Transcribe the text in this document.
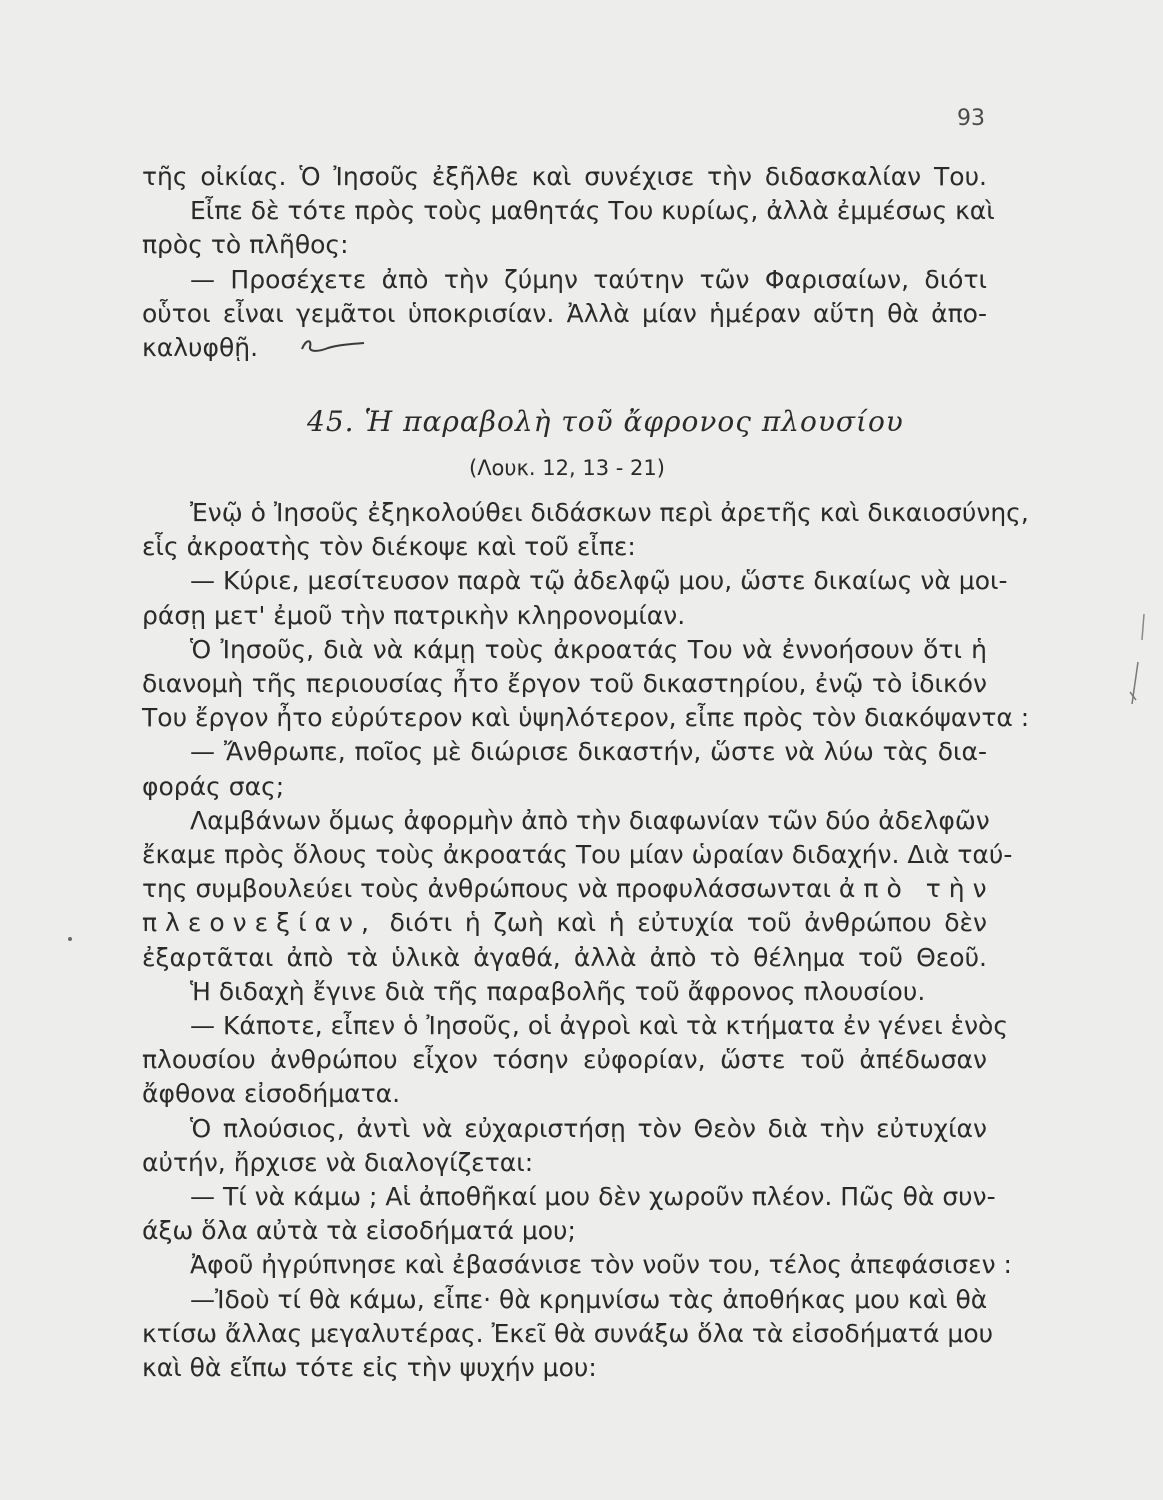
93
τῆς οἰκίας. Ὁ Ἰησοῦς ἐξῆλθε καὶ συνέχισε τὴν διδασκαλίαν Του.
Εἶπε δὲ τότε πρὸς τοὺς μαθητάς Του κυρίως, ἀλλὰ ἐμμέσως καὶ
πρὸς τὸ πλῆθος:
— Προσέχετε ἀπὸ τὴν ζύμην ταύτην τῶν Φαρισαίων, διότι
οὗτοι εἶναι γεμᾶτοι ὑποκρισίαν. Ἀλλὰ μίαν ἡμέραν αὕτη θὰ ἀπο-
καλυφθῇ.
45. Ἡ παραβολὴ τοῦ ἄφρονος πλουσίου
(Λουκ. 12, 13 - 21)
Ἐνῷ ὁ Ἰησοῦς ἐξηκολούθει διδάσκων περὶ ἀρετῆς καὶ δικαιοσύνης,
εἷς ἀκροατὴς τὸν διέκοψε καὶ τοῦ εἶπε:
— Κύριε, μεσίτευσον παρὰ τῷ ἀδελφῷ μου, ὥστε δικαίως νὰ μοι-
ράσῃ μετ' ἐμοῦ τὴν πατρικὴν κληρονομίαν.
Ὁ Ἰησοῦς, διὰ νὰ κάμῃ τοὺς ἀκροατάς Του νὰ ἐννοήσουν ὅτι ἡ
διανομὴ τῆς περιουσίας ἦτο ἔργον τοῦ δικαστηρίου, ἐνῷ τὸ ἰδικόν
Του ἔργον ἦτο εὐρύτερον καὶ ὑψηλότερον, εἶπε πρὸς τὸν διακόψαντα :
— Ἄνθρωπε, ποῖος μὲ διώρισε δικαστήν, ὥστε νὰ λύω τὰς δια-
φοράς σας;
Λαμβάνων ὅμως ἀφορμὴν ἀπὸ τὴν διαφωνίαν τῶν δύο ἀδελφῶν
ἔκαμε πρὸς ὅλους τοὺς ἀκροατάς Του μίαν ὡραίαν διδαχήν. Διὰ ταύ-
της συμβουλεύει τοὺς ἀνθρώπους νὰ προφυλάσσωνται ἀπὸ τὴν
πλεονεξίαν, διότι ἡ ζωὴ καὶ ἡ εὐτυχία τοῦ ἀνθρώπου δὲν
ἐξαρτᾶται ἀπὸ τὰ ὑλικὰ ἀγαθά, ἀλλὰ ἀπὸ τὸ θέλημα τοῦ Θεοῦ.
Ἡ διδαχὴ ἔγινε διὰ τῆς παραβολῆς τοῦ ἄφρονος πλουσίου.
— Κάποτε, εἶπεν ὁ Ἰησοῦς, οἱ ἀγροὶ καὶ τὰ κτήματα ἐν γένει ἑνὸς
πλουσίου ἀνθρώπου εἶχον τόσην εὐφορίαν, ὥστε τοῦ ἀπέδωσαν
ἄφθονα εἰσοδήματα.
Ὁ πλούσιος, ἀντὶ νὰ εὐχαριστήσῃ τὸν Θεὸν διὰ τὴν εὐτυχίαν
αὐτήν, ἤρχισε νὰ διαλογίζεται:
— Τί νὰ κάμω ; Αἱ ἀποθῆκαί μου δὲν χωροῦν πλέον. Πῶς θὰ συν-
άξω ὅλα αὐτὰ τὰ εἰσοδήματά μου;
Ἀφοῦ ἠγρύπνησε καὶ ἐβασάνισε τὸν νοῦν του, τέλος ἀπεφάσισεν :
—Ἰδοὺ τί θὰ κάμω, εἶπε· θὰ κρημνίσω τὰς ἀποθήκας μου καὶ θὰ
κτίσω ἄλλας μεγαλυτέρας. Ἐκεῖ θὰ συνάξω ὅλα τὰ εἰσοδήματά μου
καὶ θὰ εἴπω τότε εἰς τὴν ψυχήν μου:
